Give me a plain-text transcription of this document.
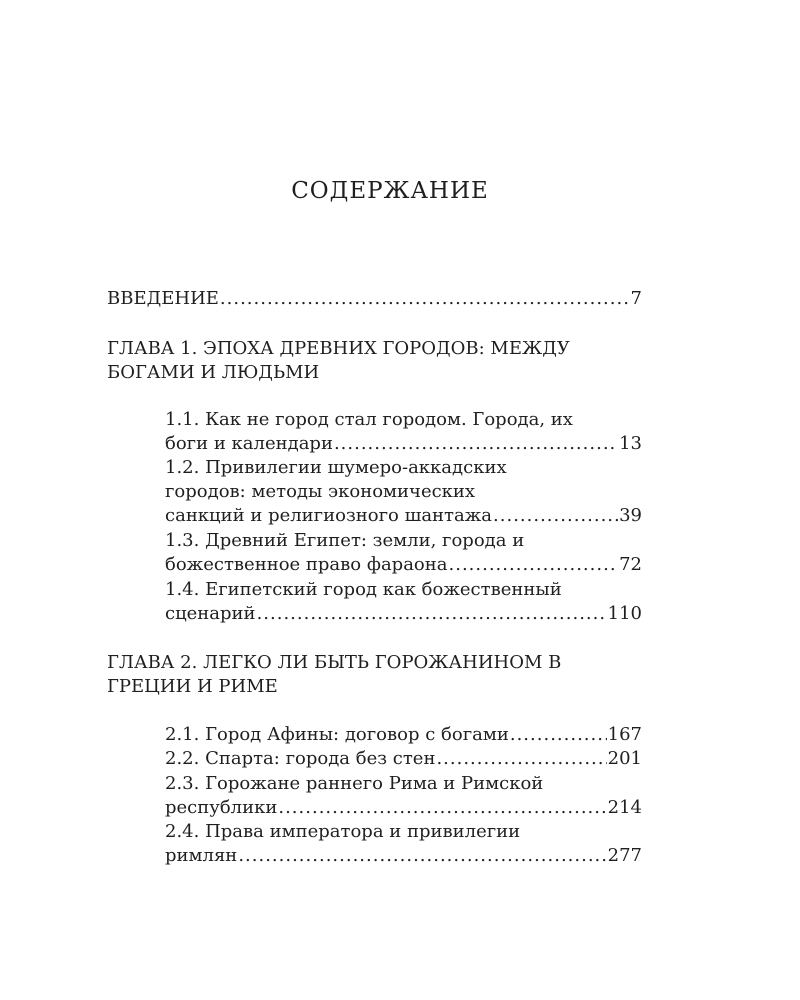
СОДЕРЖАНИЕ
ВВЕДЕНИЕ .....	7
ГЛАВА 1. ЭПОХА ДРЕВНИХ ГОРОДОВ: МЕЖДУ
БОГАМИ И ЛЮДЬМИ
1.1. Как не город стал городом. Города, их
боги и календари .....	13
1.2. Привилегии шумеро-аккадских
городов: методы экономических
санкций и религиозного шантажа .....	39
1.3. Древний Египет: земли, города и
божественное право фараона .....	72
1.4. Египетский город как божественный
сценарий .....	110
ГЛАВА 2. ЛЕГКО ЛИ БЫТЬ ГОРОЖАНИНОМ В
ГРЕЦИИ И РИМЕ
2.1. Город Афины: договор с богами .....	167
2.2. Спарта: города без стен .....	201
2.3. Горожане раннего Рима и Римской
республики .....	214
2.4. Права императора и привилегии
римлян .....	277
